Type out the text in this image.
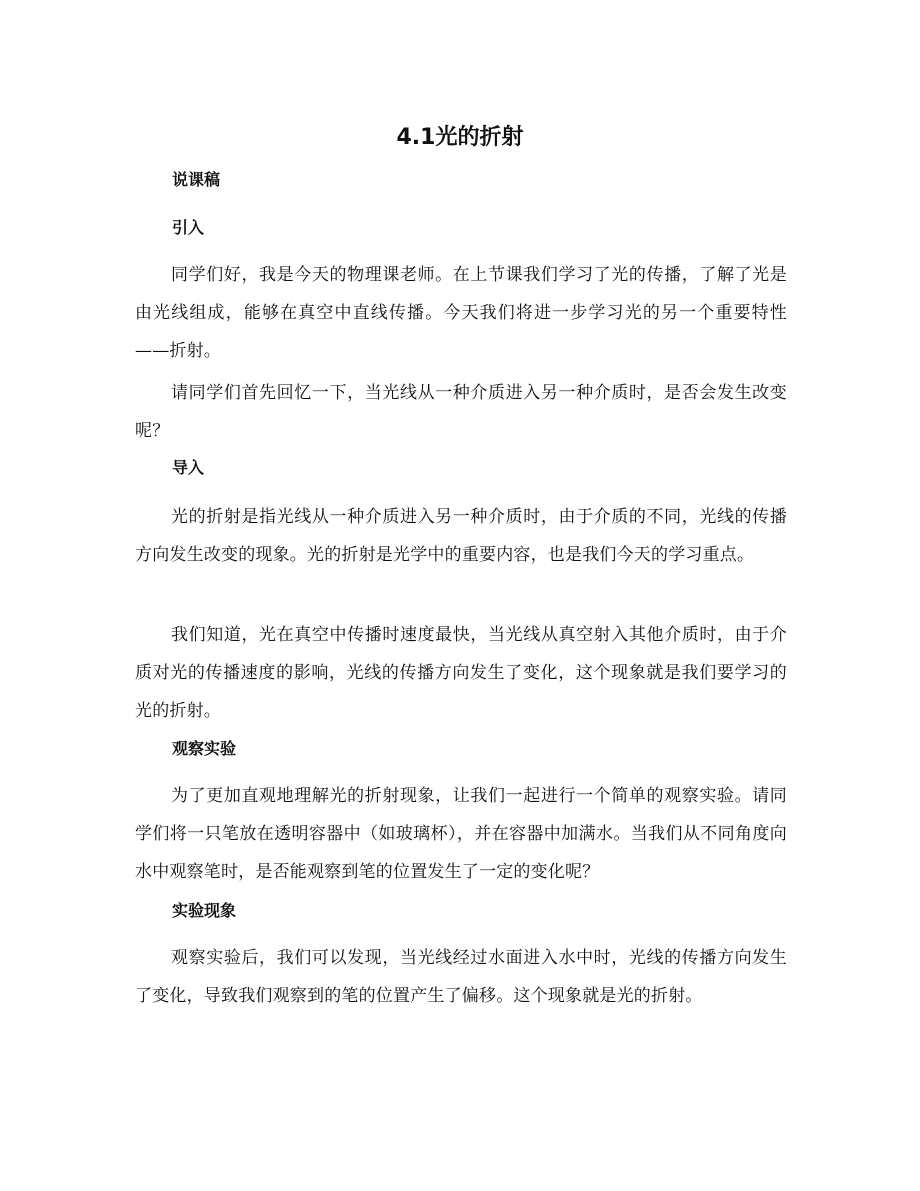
4.1光的折射
说课稿
引入

同学们好，我是今天的物理课老师。在上节课我们学习了光的传播，了解了光是由光线组成，能够在真空中直线传播。今天我们将进一步学习光的另一个重要特性——折射。

请同学们首先回忆一下，当光线从一种介质进入另一种介质时，是否会发生改变呢？

导入

光的折射是指光线从一种介质进入另一种介质时，由于介质的不同，光线的传播方向发生改变的现象。光的折射是光学中的重要内容，也是我们今天的学习重点。

我们知道，光在真空中传播时速度最快，当光线从真空射入其他介质时，由于介质对光的传播速度的影响，光线的传播方向发生了变化，这个现象就是我们要学习的光的折射。

观察实验

为了更加直观地理解光的折射现象，让我们一起进行一个简单的观察实验。请同学们将一只笔放在透明容器中（如玻璃杯），并在容器中加满水。当我们从不同角度向水中观察笔时，是否能观察到笔的位置发生了一定的变化呢？

实验现象

观察实验后，我们可以发现，当光线经过水面进入水中时，光线的传播方向发生了变化，导致我们观察到的笔的位置产生了偏移。这个现象就是光的折射。
